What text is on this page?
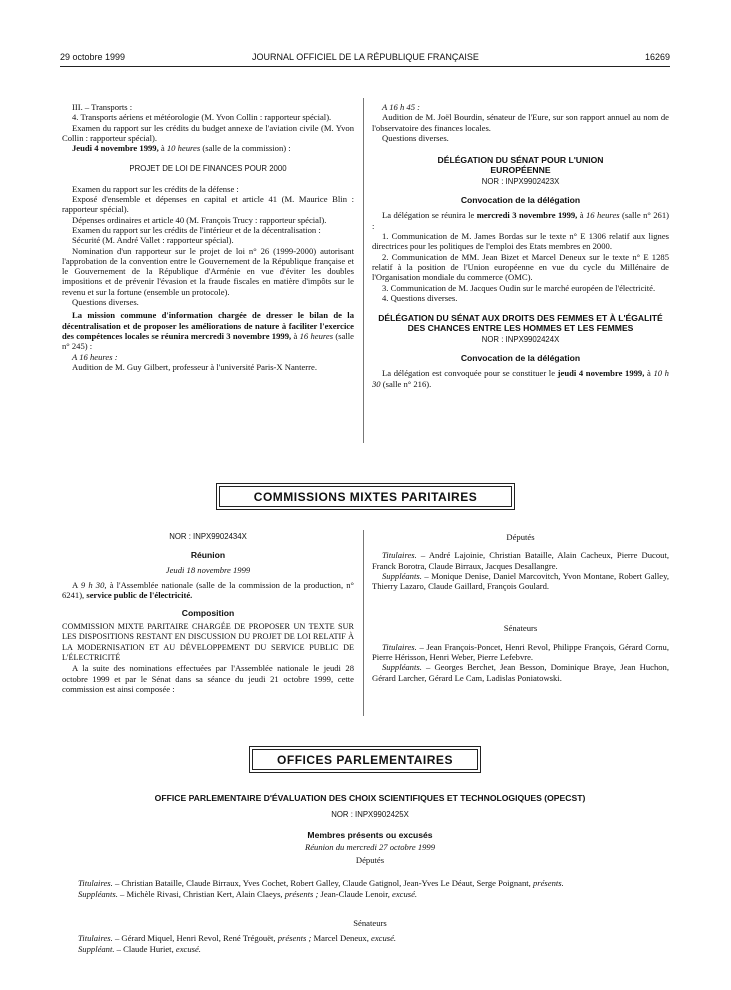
29 octobre 1999	JOURNAL OFFICIEL DE LA RÉPUBLIQUE FRANÇAISE	16269

III. – Transports :

4. Transports aériens et météorologie (M. Yvon Collin : rapporteur spécial).

Examen du rapport sur les crédits du budget annexe de l'aviation civile (M. Yvon Collin : rapporteur spécial).

Jeudi 4 novembre 1999, à 10 heures (salle de la commission) :

PROJET DE LOI DE FINANCES POUR 2000

Examen du rapport sur les crédits de la défense :

Exposé d'ensemble et dépenses en capital et article 41 (M. Maurice Blin : rapporteur spécial).

Dépenses ordinaires et article 40 (M. François Trucy : rapporteur spécial).

Examen du rapport sur les crédits de l'intérieur et de la décentralisation :

Sécurité (M. André Vallet : rapporteur spécial).

Nomination d'un rapporteur sur le projet de loi n° 26 (1999-2000) autorisant l'approbation de la convention entre le Gouvernement de la République française et le Gouvernement de la République d'Arménie en vue d'éviter les doubles impositions et de prévenir l'évasion et la fraude fiscales en matière d'impôts sur le revenu et sur la fortune (ensemble un protocole).

Questions diverses.

La mission commune d'information chargée de dresser le bilan de la décentralisation et de proposer les améliorations de nature à faciliter l'exercice des compétences locales se réunira mercredi 3 novembre 1999, à 16 heures (salle n° 245) :

A 16 heures :

Audition de M. Guy Gilbert, professeur à l'université Paris-X Nanterre.

A 16 h 45 :

Audition de M. Joël Bourdin, sénateur de l'Eure, sur son rapport annuel au nom de l'observatoire des finances locales.

Questions diverses.

DÉLÉGATION DU SÉNAT POUR L'UNION EUROPÉENNE
NOR : INPX9902423X
Convocation de la délégation

La délégation se réunira le mercredi 3 novembre 1999, à 16 heures (salle n° 261) :

1. Communication de M. James Bordas sur le texte n° E 1306 relatif aux lignes directrices pour les politiques de l'emploi des Etats membres en 2000.

2. Communication de MM. Jean Bizet et Marcel Deneux sur le texte n° E 1285 relatif à la position de l'Union européenne en vue du cycle du Millénaire de l'Organisation mondiale du commerce (OMC).

3. Communication de M. Jacques Oudin sur le marché européen de l'électricité.

4. Questions diverses.

DÉLÉGATION DU SÉNAT AUX DROITS DES FEMMES ET À L'ÉGALITÉ DES CHANCES ENTRE LES HOMMES ET LES FEMMES
NOR : INPX9902424X
Convocation de la délégation

La délégation est convoquée pour se constituer le jeudi 4 novembre 1999, à 10 h 30 (salle n° 216).

COMMISSIONS MIXTES PARITAIRES
NOR : INPX9902434X
Réunion

Jeudi 18 novembre 1999

A 9 h 30, à l'Assemblée nationale (salle de la commission de la production, n° 6241), service public de l'électricité.

Composition

COMMISSION MIXTE PARITAIRE CHARGÉE DE PROPOSER UN TEXTE SUR LES DISPOSITIONS RESTANT EN DISCUSSION DU PROJET DE LOI RELATIF À LA MODERNISATION ET AU DÉVELOPPEMENT DU SERVICE PUBLIC DE L'ÉLECTRICITÉ

A la suite des nominations effectuées par l'Assemblée nationale le jeudi 28 octobre 1999 et par le Sénat dans sa séance du jeudi 21 octobre 1999, cette commission est ainsi composée :

Députés

Titulaires. – André Lajoinie, Christian Bataille, Alain Cacheux, Pierre Ducout, Franck Borotra, Claude Birraux, Jacques Desallangre.

Suppléants. – Monique Denise, Daniel Marcovitch, Yvon Montane, Robert Galley, Thierry Lazaro, Claude Gaillard, François Goulard.

Sénateurs

Titulaires. – Jean François-Poncet, Henri Revol, Philippe François, Gérard Cornu, Pierre Hérisson, Henri Weber, Pierre Lefebvre.

Suppléants. – Georges Berchet, Jean Besson, Dominique Braye, Jean Huchon, Gérard Larcher, Gérard Le Cam, Ladislas Poniatowski.

OFFICES PARLEMENTAIRES
OFFICE PARLEMENTAIRE D'ÉVALUATION DES CHOIX SCIENTIFIQUES ET TECHNOLOGIQUES (OPECST)
NOR : INPX9902425X
Membres présents ou excusés
Réunion du mercredi 27 octobre 1999
Députés

Titulaires. – Christian Bataille, Claude Birraux, Yves Cochet, Robert Galley, Claude Gatignol, Jean-Yves Le Déaut, Serge Poignant, présents.

Suppléants. – Michèle Rivasi, Christian Kert, Alain Claeys, présents ; Jean-Claude Lenoir, excusé.

Sénateurs

Titulaires. – Gérard Miquel, Henri Revol, René Trégouët, présents ; Marcel Deneux, excusé.

Suppléant. – Claude Huriet, excusé.
